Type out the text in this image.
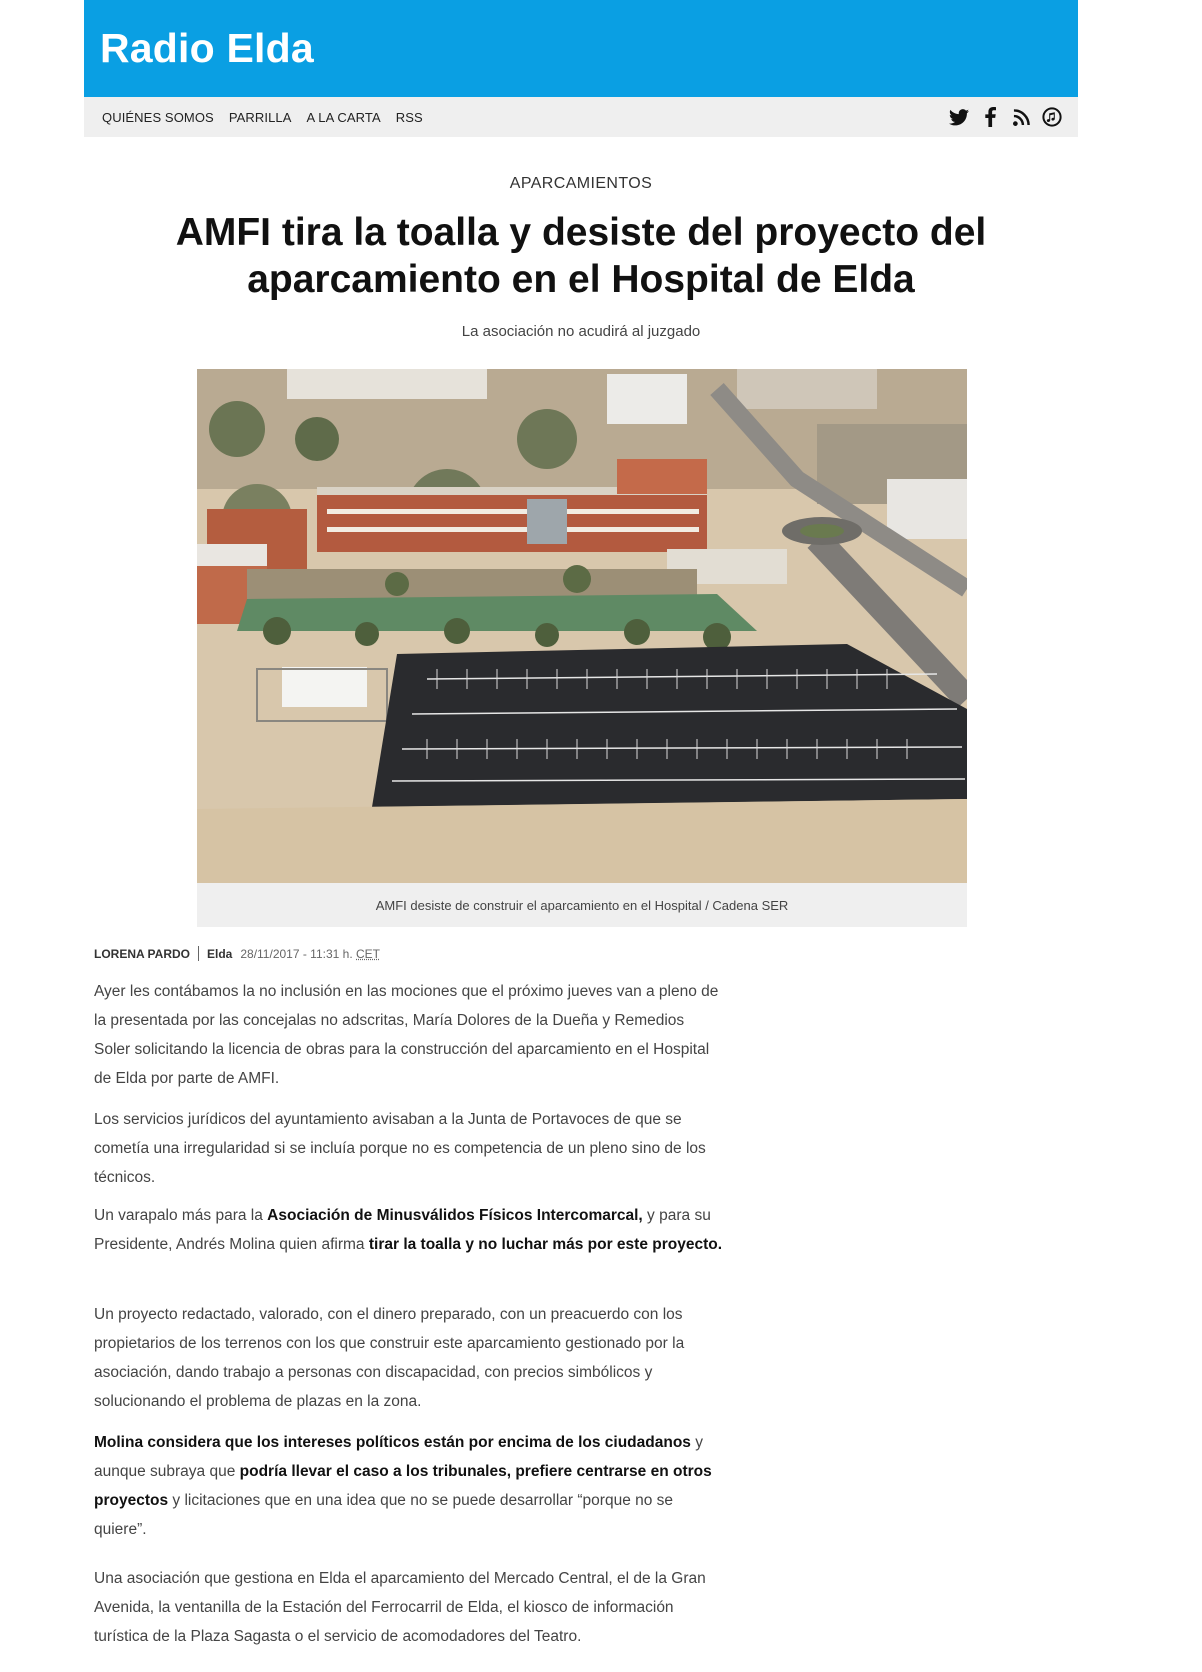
Radio Elda
QUIÉNES SOMOS PARRILLA A LA CARTA RSS
APARCAMIENTOS
AMFI tira la toalla y desiste del proyecto del aparcamiento en el Hospital de Elda
La asociación no acudirá al juzgado
AMFI desiste de construir el aparcamiento en el Hospital / Cadena SER
LORENA PARDO Elda 28/11/2017 - 11:31 h. CET

Ayer les contábamos la no inclusión en las mociones que el próximo jueves van a pleno de la presentada por las concejalas no adscritas, María Dolores de la Dueña y Remedios Soler solicitando la licencia de obras para la construcción del aparcamiento en el Hospital de Elda por parte de AMFI.

Los servicios jurídicos del ayuntamiento avisaban a la Junta de Portavoces de que se cometía una irregularidad si se incluía porque no es competencia de un pleno sino de los técnicos.

Un varapalo más para la Asociación de Minusválidos Físicos Intercomarcal, y para su Presidente, Andrés Molina quien afirma tirar la toalla y no luchar más por este proyecto.

Un proyecto redactado, valorado, con el dinero preparado, con un preacuerdo con los propietarios de los terrenos con los que construir este aparcamiento gestionado por la asociación, dando trabajo a personas con discapacidad, con precios simbólicos y solucionando el problema de plazas en la zona.

Molina considera que los intereses políticos están por encima de los ciudadanos y aunque subraya que podría llevar el caso a los tribunales, prefiere centrarse en otros proyectos y licitaciones que en una idea que no se puede desarrollar “porque no se quiere”.

Una asociación que gestiona en Elda el aparcamiento del Mercado Central, el de la Gran Avenida, la ventanilla de la Estación del Ferrocarril de Elda, el kiosco de información turística de la Plaza Sagasta o el servicio de acomodadores del Teatro.
